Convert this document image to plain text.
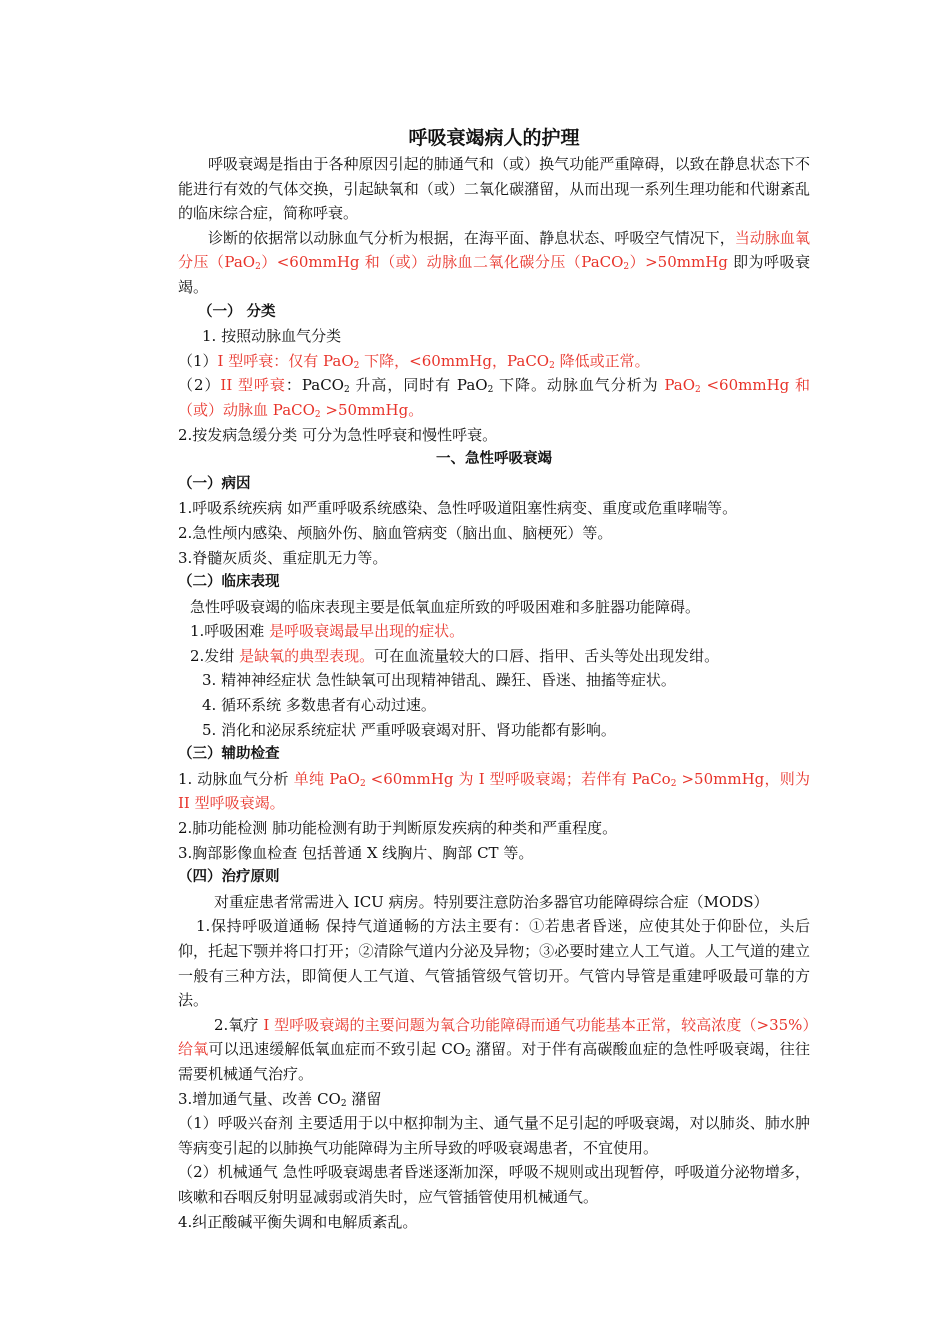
呼吸衰竭病人的护理

呼吸衰竭是指由于各种原因引起的肺通气和（或）换气功能严重障碍，以致在静息状态下不能进行有效的气体交换，引起缺氧和（或）二氧化碳潴留，从而出现一系列生理功能和代谢紊乱的临床综合症，简称呼衰。

诊断的依据常以动脉血气分析为根据，在海平面、静息状态、呼吸空气情况下，当动脉血氧分压（PaO$_2$）<60mmHg 和（或）动脉血二氧化碳分压（PaCO$_2$）>50mmHg 即为呼吸衰竭。

（一） 分类

1. 按照动脉血气分类

（1）I 型呼衰：仅有 PaO$_2$ 下降，<60mmHg，PaCO$_2$ 降低或正常。

（2）II 型呼衰：PaCO$_2$ 升高，同时有 PaO$_2$ 下降。动脉血气分析为 PaO$_2$ <60mmHg 和（或）动脉血 PaCO$_2$ >50mmHg。

2.按发病急缓分类 可分为急性呼衰和慢性呼衰。

一、急性呼吸衰竭

（一）病因

1.呼吸系统疾病 如严重呼吸系统感染、急性呼吸道阻塞性病变、重度或危重哮喘等。

2.急性颅内感染、颅脑外伤、脑血管病变（脑出血、脑梗死）等。

3.脊髓灰质炎、重症肌无力等。

（二）临床表现

急性呼吸衰竭的临床表现主要是低氧血症所致的呼吸困难和多脏器功能障碍。

1.呼吸困难 是呼吸衰竭最早出现的症状。

2.发绀 是缺氧的典型表现。可在血流量较大的口唇、指甲、舌头等处出现发绀。

3. 精神神经症状 急性缺氧可出现精神错乱、躁狂、昏迷、抽搐等症状。

4. 循环系统 多数患者有心动过速。

5. 消化和泌尿系统症状 严重呼吸衰竭对肝、肾功能都有影响。

（三）辅助检查

1. 动脉血气分析 单纯 PaO$_2$ <60mmHg 为 I 型呼吸衰竭；若伴有 PaCo$_2$ >50mmHg，则为 II 型呼吸衰竭。

2.肺功能检测 肺功能检测有助于判断原发疾病的种类和严重程度。

3.胸部影像血检查 包括普通 X 线胸片、胸部 CT 等。

（四）治疗原则

对重症患者常需进入 ICU 病房。特别要注意防治多器官功能障碍综合症（MODS）

1.保持呼吸道通畅 保持气道通畅的方法主要有：①若患者昏迷，应使其处于仰卧位，头后仰，托起下颚并将口打开；②清除气道内分泌及异物；③必要时建立人工气道。人工气道的建立一般有三种方法，即简便人工气道、气管插管级气管切开。气管内导管是重建呼吸最可靠的方法。

2.氧疗 I 型呼吸衰竭的主要问题为氧合功能障碍而通气功能基本正常，较高浓度（>35%）给氧可以迅速缓解低氧血症而不致引起 $CO_2$ 潴留。对于伴有高碳酸血症的急性呼吸衰竭，往往需要机械通气治疗。

3.增加通气量、改善 $CO_2$ 潴留

（1）呼吸兴奋剂 主要适用于以中枢抑制为主、通气量不足引起的呼吸衰竭，对以肺炎、肺水肿等病变引起的以肺换气功能障碍为主所导致的呼吸衰竭患者，不宜使用。

（2）机械通气 急性呼吸衰竭患者昏迷逐渐加深，呼吸不规则或出现暂停，呼吸道分泌物增多，咳嗽和吞咽反射明显减弱或消失时，应气管插管使用机械通气。

4.纠正酸碱平衡失调和电解质紊乱。
